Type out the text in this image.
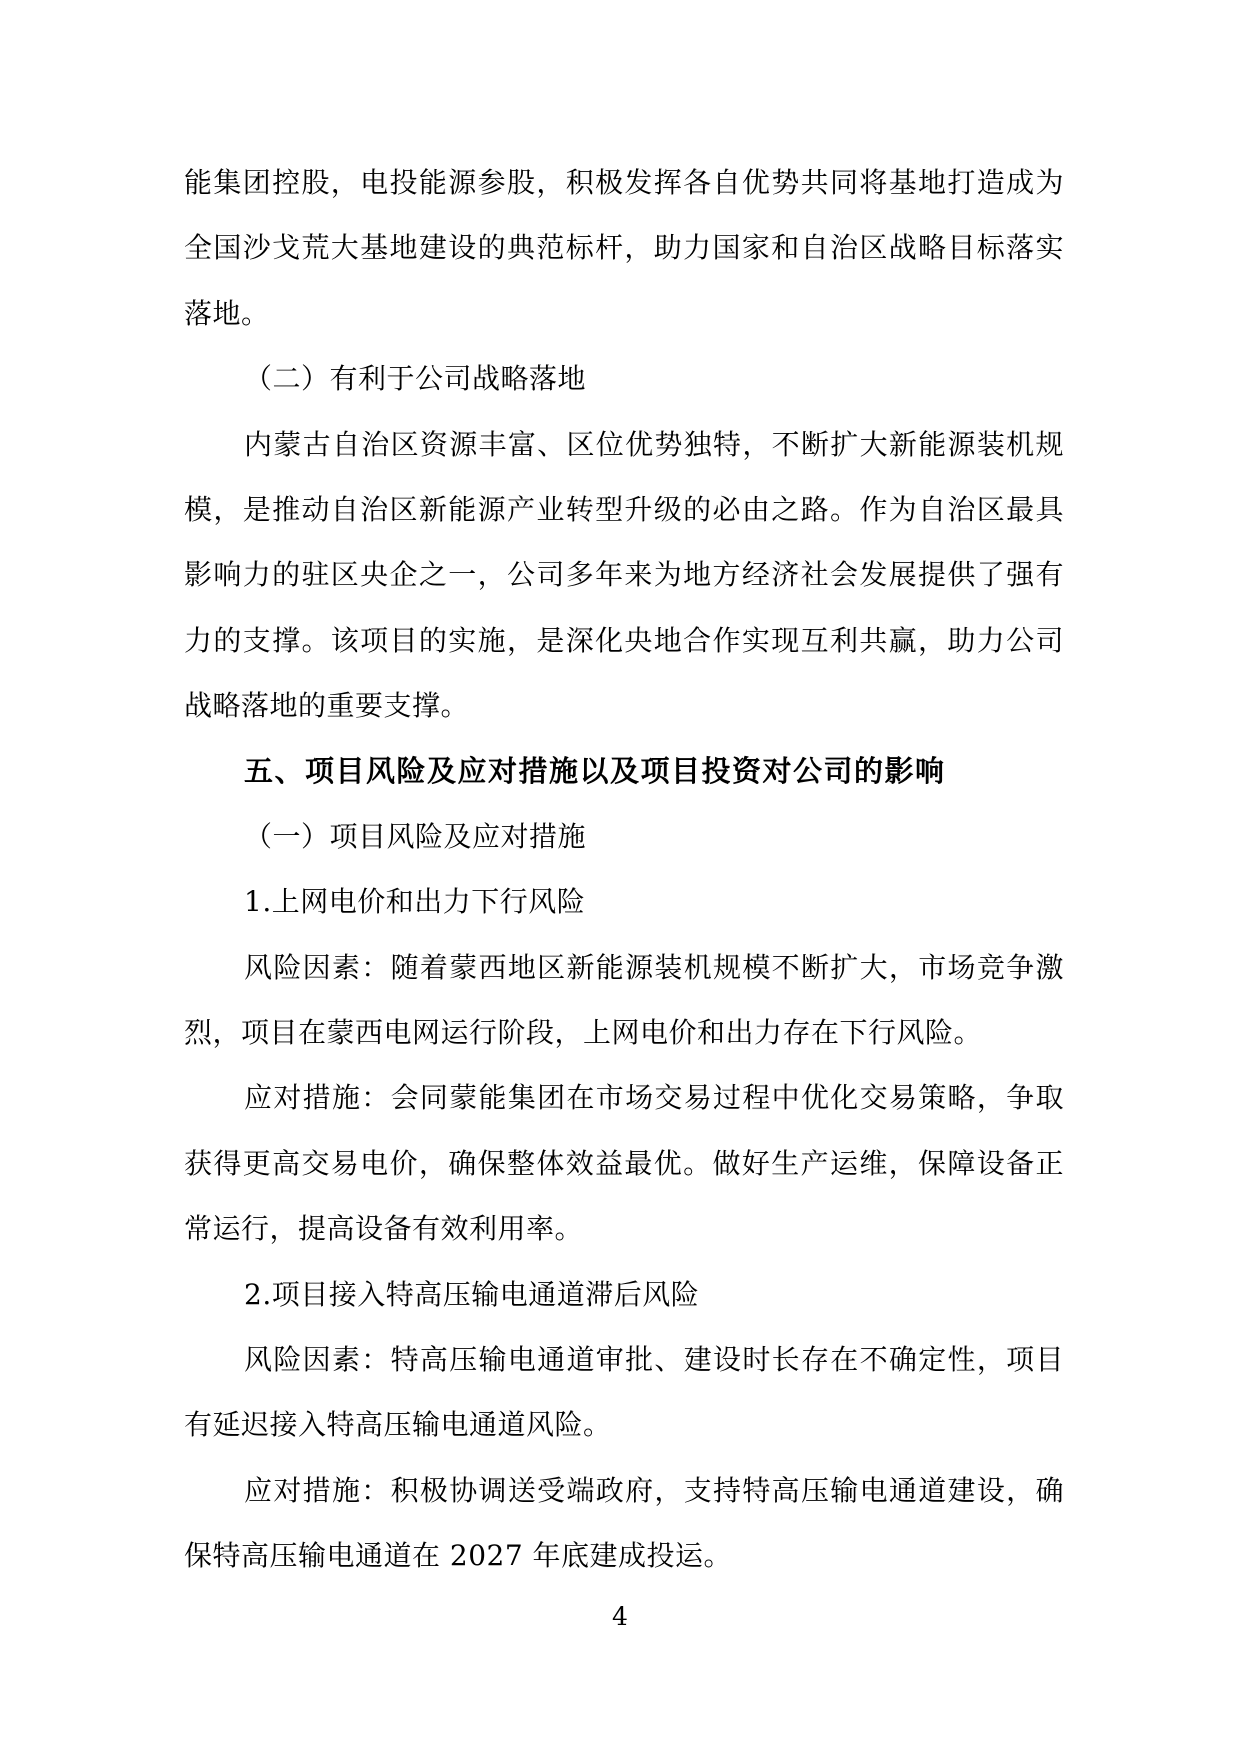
能集团控股，电投能源参股，积极发挥各自优势共同将基地打造成为
全国沙戈荒大基地建设的典范标杆，助力国家和自治区战略目标落实
落地。
（二）有利于公司战略落地
内蒙古自治区资源丰富、区位优势独特，不断扩大新能源装机规
模，是推动自治区新能源产业转型升级的必由之路。作为自治区最具
影响力的驻区央企之一，公司多年来为地方经济社会发展提供了强有
力的支撑。该项目的实施，是深化央地合作实现互利共赢，助力公司
战略落地的重要支撑。
五、项目风险及应对措施以及项目投资对公司的影响
（一）项目风险及应对措施
1.上网电价和出力下行风险
风险因素：随着蒙西地区新能源装机规模不断扩大，市场竞争激
烈，项目在蒙西电网运行阶段，上网电价和出力存在下行风险。
应对措施：会同蒙能集团在市场交易过程中优化交易策略，争取
获得更高交易电价，确保整体效益最优。做好生产运维，保障设备正
常运行，提高设备有效利用率。
2.项目接入特高压输电通道滞后风险
风险因素：特高压输电通道审批、建设时长存在不确定性，项目
有延迟接入特高压输电通道风险。
应对措施：积极协调送受端政府，支持特高压输电通道建设，确
保特高压输电通道在 2027 年底建成投运。
4
